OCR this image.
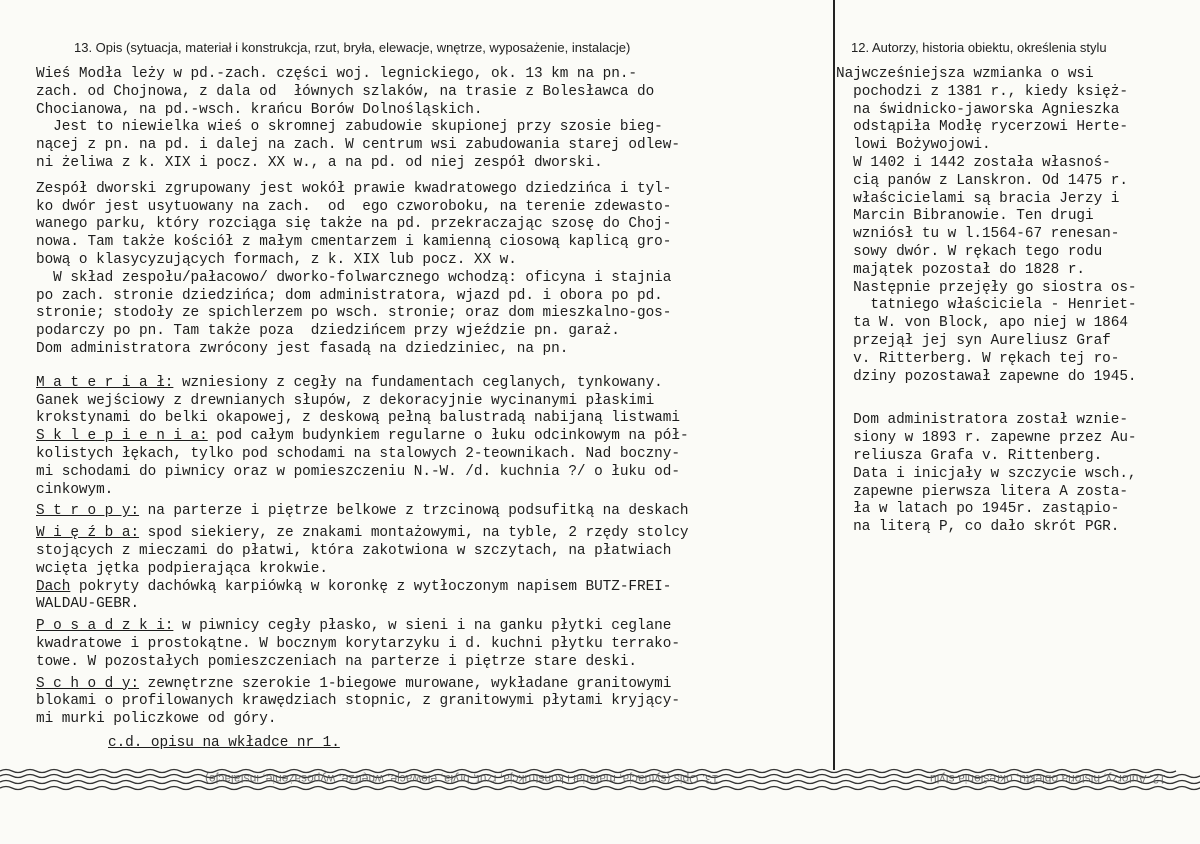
13. Opis (sytuacja, materiał i konstrukcja, rzut, bryła, elewacje, wnętrze, wyposażenie, instalacje)	12. Autorzy, historia obiektu, określenia stylu
Wieś Modła leży w pd.-zach. części woj. legnickiego, ok. 13 km na pn.-
zach. od Chojnowa, z dala od  łównych szlaków, na trasie z Bolesławca do
Chocianowa, na pd.-wsch. krańcu Borów Dolnośląskich.
Jest to niewielka wieś o skromnej zabudowie skupionej przy szosie bieg-
nącej z pn. na pd. i dalej na zach. W centrum wsi zabudowania starej odlew-
ni żeliwa z k. XIX i pocz. XX w., a na pd. od niej zespół dworski.
Zespół dworski zgrupowany jest wokół prawie kwadratowego dziedzińca i tyl-
ko dwór jest usytuowany na zach.  od  ego czworoboku, na terenie zdewasto-
wanego parku, który rozciąga się także na pd. przekraczając szosę do Choj-
nowa. Tam także kościół z małym cmentarzem i kamienną ciosową kaplicą gro-
bową o klasycyzujących formach, z k. XIX lub pocz. XX w.
W skład zespołu/pałacowo/ dworko-folwarcznego wchodzą: oficyna i stajnia
po zach. stronie dziedzińca; dom administratora, wjazd pd. i obora po pd.
stronie; stodoły ze spichlerzem po wsch. stronie; oraz dom mieszkalno-gos-
podarczy po pn. Tam także poza  dziedzińcem przy wjeździe pn. garaż.
Dom administratora zwrócony jest fasadą na dziedziniec, na pn.
M a t e r i a ł: wzniesiony z cegły na fundamentach ceglanych, tynkowany.
Ganek wejściowy z drewnianych słupów, z dekoracyjnie wycinanymi płaskimi
krokstynami do belki okapowej, z deskową pełną balustradą nabijaną listwami
S k l e p i e n i a: pod całym budynkiem regularne o łuku odcinkowym na pół-
kolistych łękach, tylko pod schodami na stalowych 2-teownikach. Nad boczny-
mi schodami do piwnicy oraz w pomieszczeniu N.-W. /d. kuchnia ?/ o łuku od-
cinkowym.
S t r o p y: na parterze i piętrze belkowe z trzcinową podsufitką na deskach
W i ę ź b a: spod siekiery, ze znakami montażowymi, na tyble, 2 rzędy stolcy
stojących z mieczami do płatwi, która zakotwiona w szczytach, na płatwiach
wcięta jętka podpierająca krokwie.
Dach pokryty dachówką karpiówką w koronkę z wytłoczonym napisem BUTZ-FREI-
WALDAU-GEBR.
P o s a d z k i: w piwnicy cegły płasko, w sieni i na ganku płytki ceglane
kwadratowe i prostokątne. W bocznym korytarzyku i d. kuchni płytku terrako-
towe. W pozostałych pomieszczeniach na parterze i piętrze stare deski.
S c h o d y: zewnętrzne szerokie 1-biegowe murowane, wykładane granitowymi
blokami o profilowanych krawędziach stopnic, z granitowymi płytami kryjący-
mi murki policzkowe od góry.
c.d. opisu na wkładce nr 1.
Najwcześniejsza wzmianka o wsi
pochodzi z 1381 r., kiedy księż-
na świdnicko-jaworska Agnieszka
odstąpiła Modłę rycerzowi Herte-
lowi Bożywojowi.
W 1402 i 1442 została własnoś-
cią panów z Lanskron. Od 1475 r.
właścicielami są bracia Jerzy i
Marcin Bibranowie. Ten drugi
wzniósł tu w l.1564-67 renesan-
sowy dwór. W rękach tego rodu
majątek pozostał do 1828 r.
Następnie przejęły go siostra os-
tatniego właściciela - Henriet-
ta W. von Block, apo niej w 1864
przejął jej syn Aureliusz Graf
v. Ritterberg. W rękach tej ro-
dziny pozostawał zapewne do 1945.
Dom administratora został wznie-
siony w 1893 r. zapewne przez Au-
reliusza Grafa v. Rittenberg.
Data i inicjały w szczycie wsch.,
zapewne pierwsza litera A zosta-
ła w latach po 1945r. zastąpio-
na literą P, co dało skrót PGR.
13. Opis (sytuacja, materiał i konstrukcja, rzut, bryła, elewacje, wnętrze, wyposażenie, instalacje)	12. Autorzy, historia obiektu, określenia stylu
